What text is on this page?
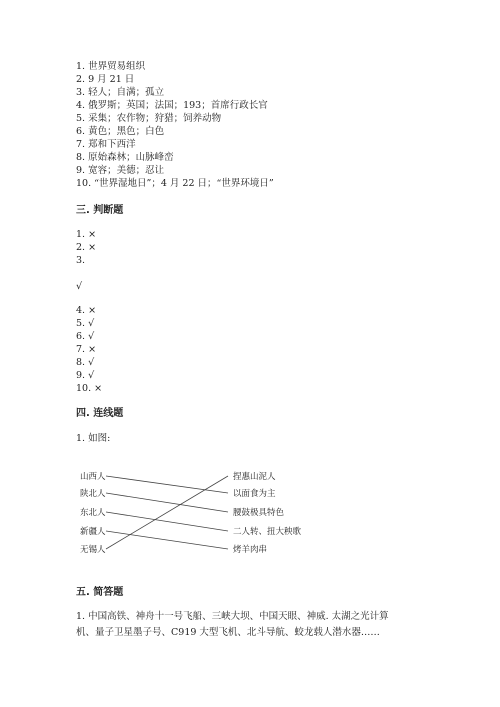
1. 世界贸易组织
2. 9 月 21 日
3. 轻人；自满；孤立
4. 俄罗斯；英国；法国；193；首席行政长官
5. 采集；农作物；狩猎；饲养动物
6. 黄色；黑色；白色
7. 郑和下西洋
8. 原始森林；山脉峰峦
9. 宽容；美德；忍让
10. “世界湿地日”；4 月 22 日；“世界环境日”
三. 判断题
1. ×
2. ×
3.
√
4. ×
5. √
6. √
7. ×
8. √
9. √
10. ×
四. 连线题
1. 如图:
山西人
陕北人
东北人
新疆人
无锡人
捏惠山泥人
以面食为主
腰鼓极具特色
二人转、扭大秧歌
烤羊肉串
五. 简答题
1. 中国高铁、神舟十一号飞船、三峡大坝、中国天眼、神威. 太湖之光计算
机、量子卫星墨子号、C919 大型飞机、北斗导航、蛟龙载人潜水器……
